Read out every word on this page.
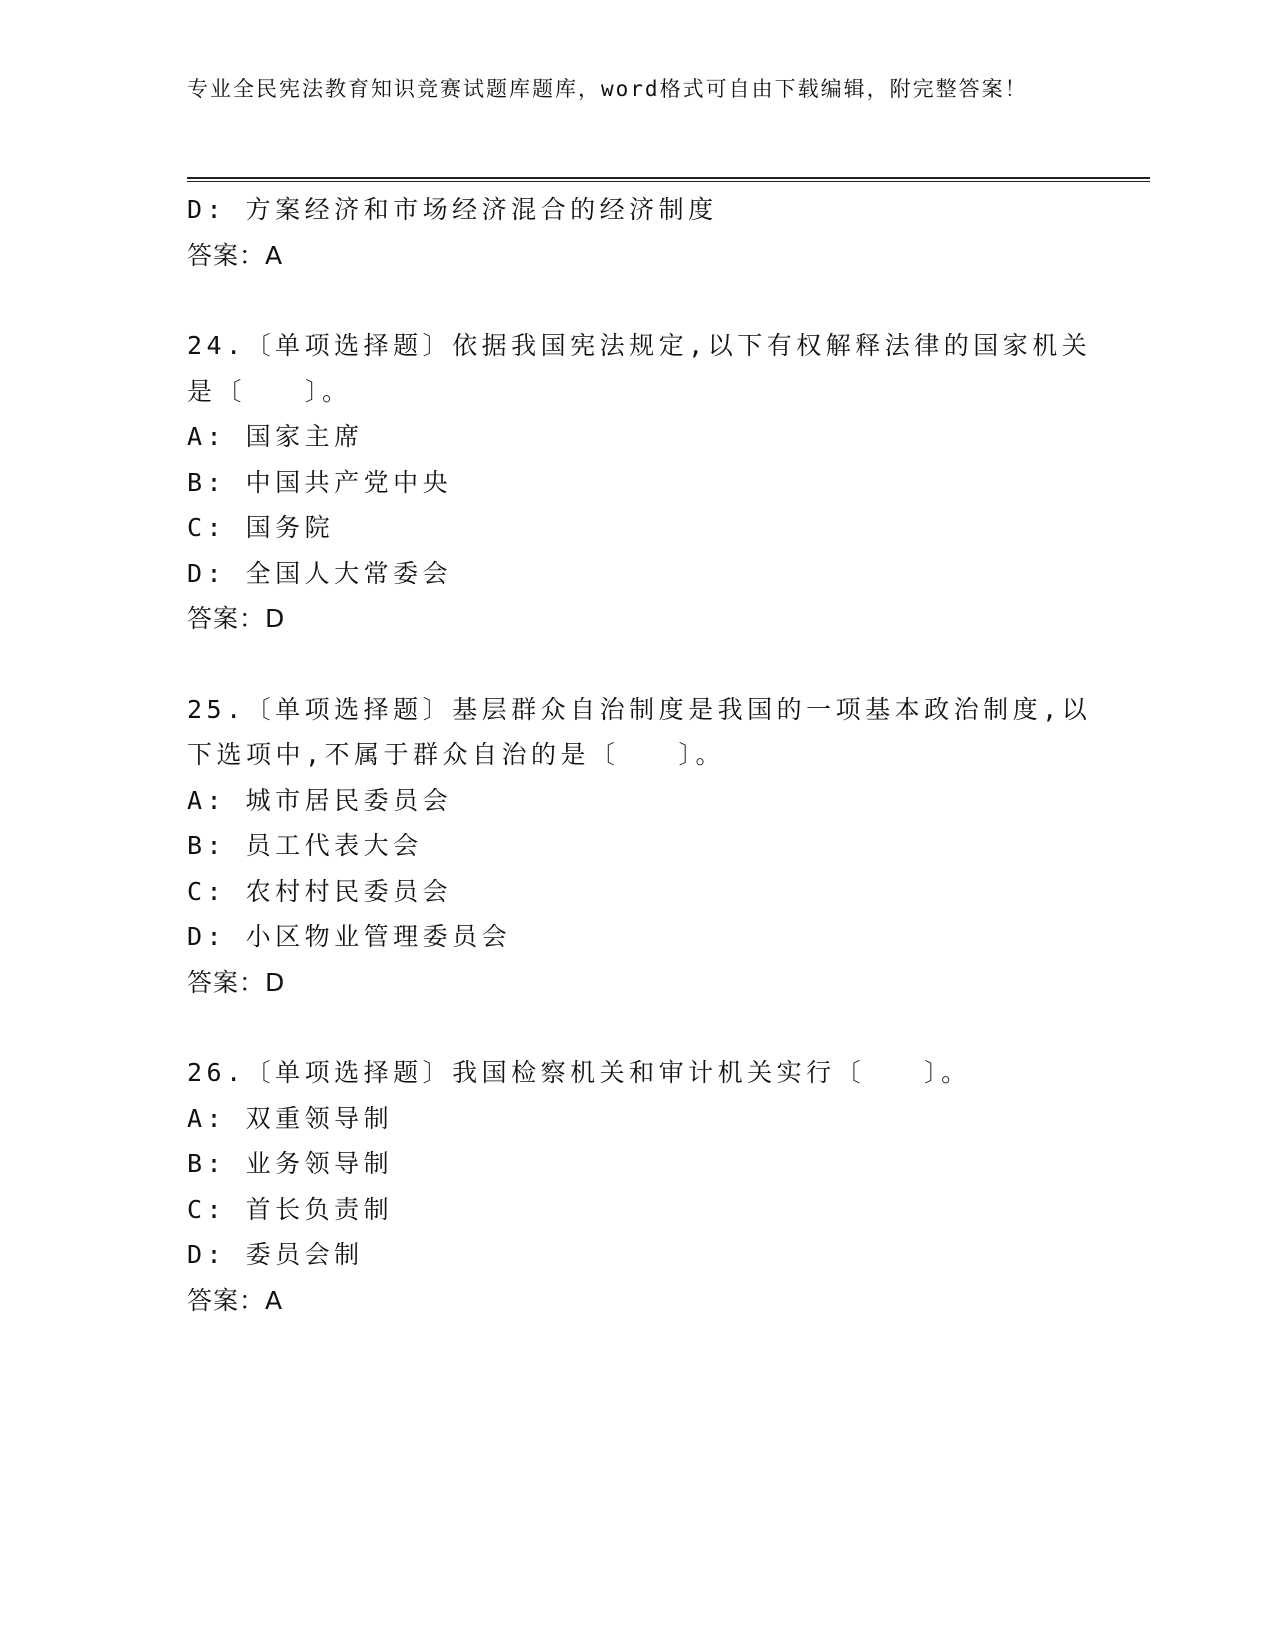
专业全民宪法教育知识竞赛试题库题库，word格式可自由下载编辑，附完整答案！
D: 方案经济和市场经济混合的经济制度
答案：A
24.〔单项选择题〕依据我国宪法规定,以下有权解释法律的国家机关
是〔　　〕。
A: 国家主席
B: 中国共产党中央
C: 国务院
D: 全国人大常委会
答案：D
25.〔单项选择题〕基层群众自治制度是我国的一项基本政治制度,以
下选项中,不属于群众自治的是〔　　〕。
A: 城市居民委员会
B: 员工代表大会
C: 农村村民委员会
D: 小区物业管理委员会
答案：D
26.〔单项选择题〕我国检察机关和审计机关实行〔　　〕。
A: 双重领导制
B: 业务领导制
C: 首长负责制
D: 委员会制
答案：A
